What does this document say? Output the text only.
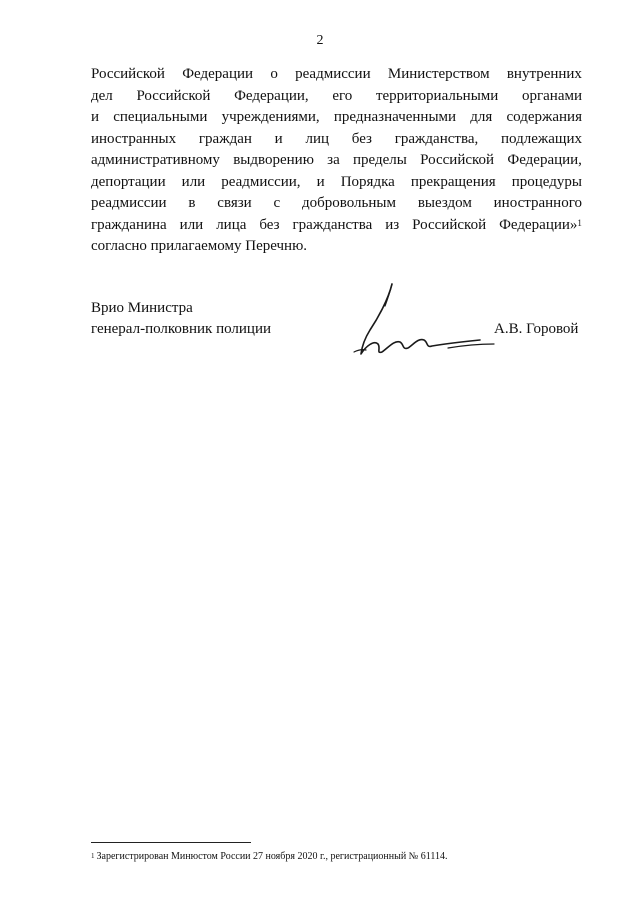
2
Российской Федерации о реадмиссии Министерством внутренних
дел Российской Федерации, его территориальными органами
и специальными учреждениями, предназначенными для содержания
иностранных граждан и лиц без гражданства, подлежащих
административному выдворению за пределы Российской Федерации,
депортации или реадмиссии, и Порядка прекращения процедуры
реадмиссии в связи с добровольным выездом иностранного
гражданина или лица без гражданства из Российской Федерации»$^1$
согласно прилагаемому Перечню.
Врио Министра
генерал-полковник полиции	А.В. Горовой
$^1$ Зарегистрирован Минюстом России 27 ноября 2020 г., регистрационный № 61114.
